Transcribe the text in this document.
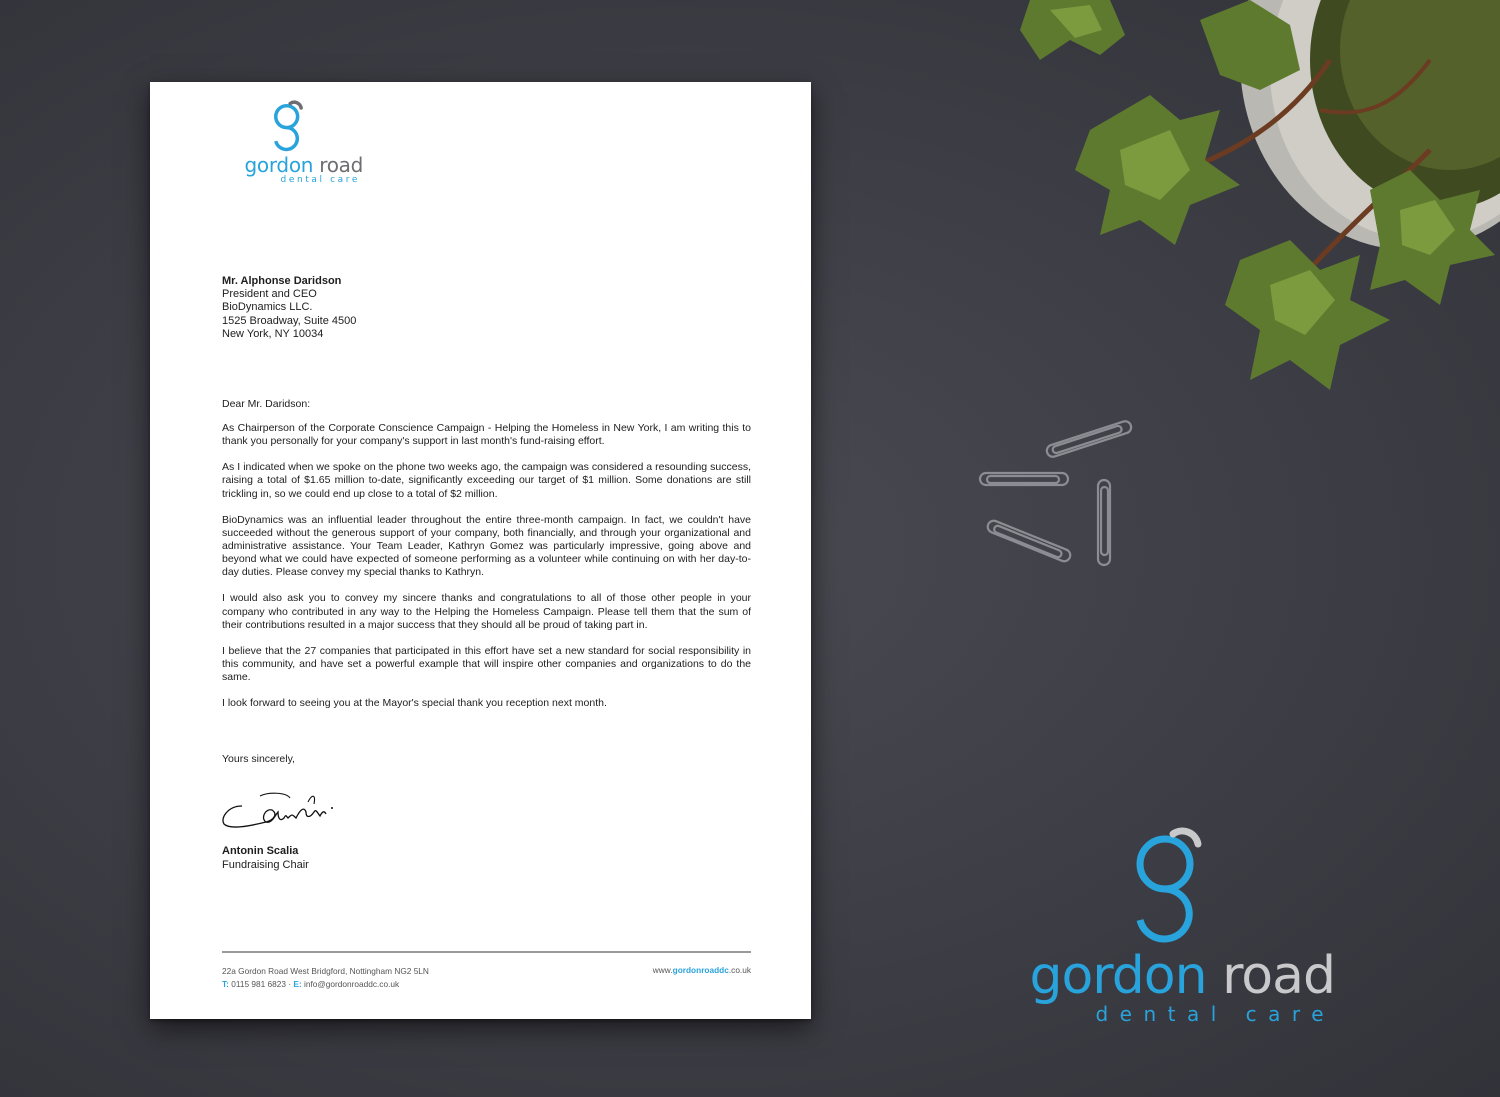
gordon road
dental care
Mr. Alphonse Daridson
President and CEO
BioDynamics LLC.
1525 Broadway, Suite 4500
New York, NY 10034
Dear Mr. Daridson:

As Chairperson of the Corporate Conscience Campaign - Helping the Homeless in New York, I am writing this to thank you personally for your company's support in last month's fund-raising effort.

As I indicated when we spoke on the phone two weeks ago, the campaign was considered a resounding success, raising a total of $1.65 million to-date, significantly exceeding our target of $1 million. Some donations are still trickling in, so we could end up close to a total of $2 million.

BioDynamics was an influential leader throughout the entire three-month campaign. In fact, we couldn't have succeeded without the generous support of your company, both financially, and through your organizational and administrative assistance. Your Team Leader, Kathryn Gomez was particularly impressive, going above and beyond what we could have expected of someone performing as a volunteer while continuing on with her day-to-day duties. Please convey my special thanks to Kathryn.

I would also ask you to convey my sincere thanks and congratulations to all of those other people in your company who contributed in any way to the Helping the Homeless Campaign. Please tell them that the sum of their contributions resulted in a major success that they should all be proud of taking part in.

I believe that the 27 companies that participated in this effort have set a new standard for social responsibility in this community, and have set a powerful example that will inspire other companies and organizations to do the same.

I look forward to seeing you at the Mayor's special thank you reception next month.

Yours sincerely,
Antonin Scalia
Fundraising Chair
22a Gordon Road West Bridgford, Nottingham NG2 5LN
T: 0115 981 6823 · E: info@gordonroaddc.co.uk
www.gordonroaddc.co.uk	gordon road
dental care
